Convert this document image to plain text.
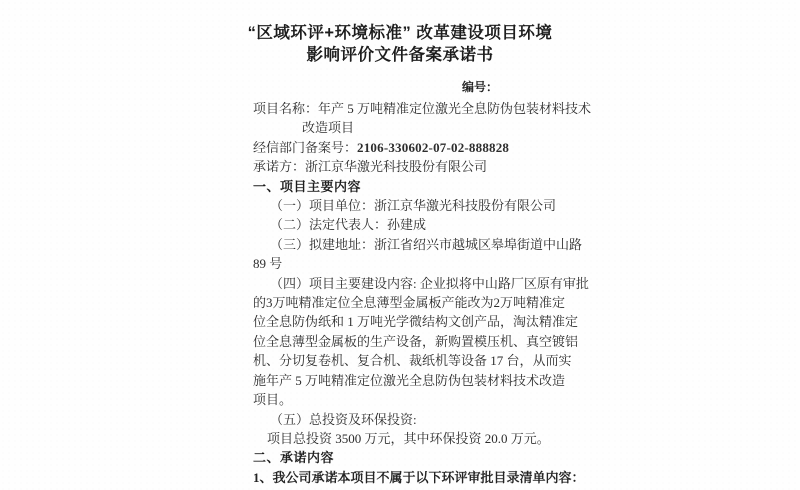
“区域环评+环境标准” 改革建设项目环境
影响评价文件备案承诺书
编号：
项目名称：年产 5 万吨精准定位激光全息防伪包装材料技术
改造项目
经信部门备案号：2106-330602-07-02-888828
承诺方：浙江京华激光科技股份有限公司
一、项目主要内容
（一）项目单位：浙江京华激光科技股份有限公司
（二）法定代表人：孙建成
（三）拟建地址：浙江省绍兴市越城区皋埠街道中山路
89 号
（四）项目主要建设内容: 企业拟将中山路厂区原有审批
的3万吨精准定位全息薄型金属板产能改为2万吨精准定
位全息防伪纸和 1 万吨光学微结构文创产品，淘汰精准定
位全息薄型金属板的生产设备，新购置模压机、真空镀铝
机、分切复卷机、复合机、裁纸机等设备 17 台，从而实
施年产 5 万吨精准定位激光全息防伪包装材料技术改造
项目。
（五）总投资及环保投资:
项目总投资 3500 万元，其中环保投资 20.0 万元。
二、承诺内容
1、我公司承诺本项目不属于以下环评审批目录清单内容：
